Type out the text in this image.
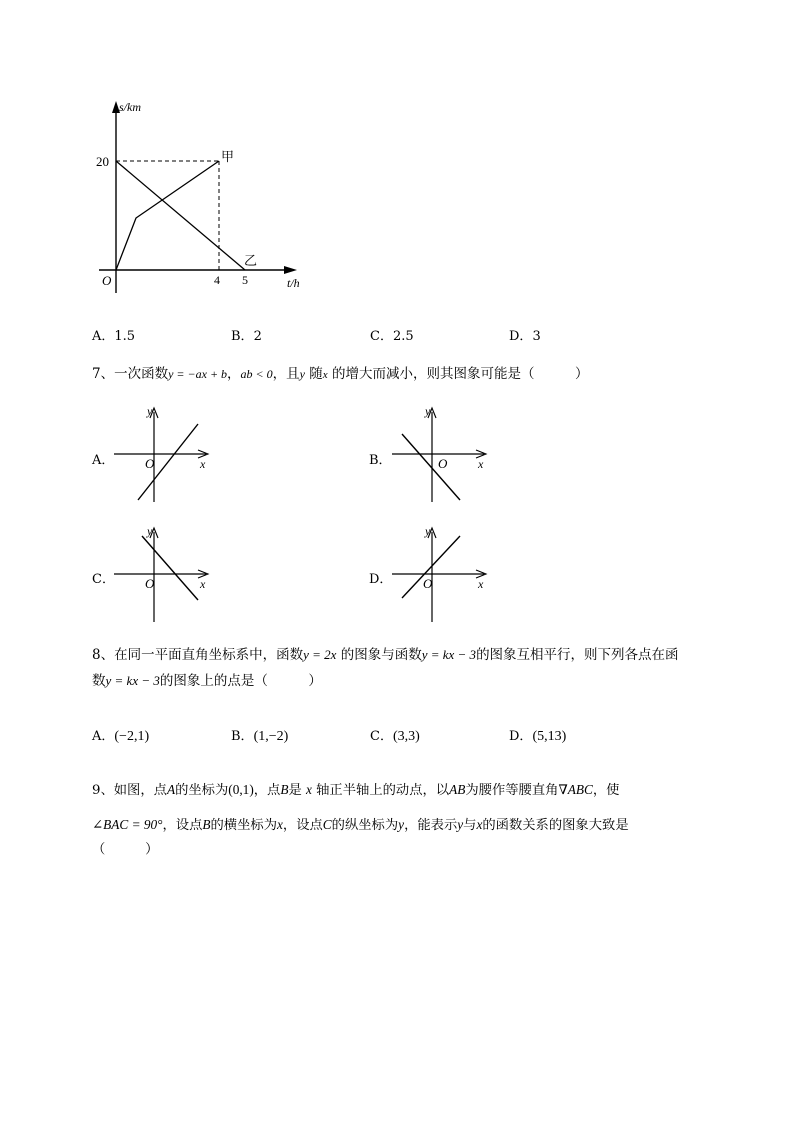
s/km
20
O	4 5	t/h
甲
乙
A．1.5	B．2	C．2.5	D．3
7、一次函数y = −ax + b，ab < 0，且y 随x 的增大而减小，则其图象可能是（　　　）
A．
y
O	x	B．
y
O	x
C．
y
O	x	D．
y
O	x
8、在同一平面直角坐标系中，函数y = 2x 的图象与函数y = kx − 3的图象互相平行，则下列各点在函
数y = kx − 3的图象上的点是（　　　）
A．(−2,1)	B．(1,−2)	C．(3,3)	D．(5,13)
9、如图，点A的坐标为(0,1)，点B是 x 轴正半轴上的动点，以AB为腰作等腰直角∇ABC，使
∠BAC = 90°，设点B的横坐标为x，设点C的纵坐标为y，能表示y与x的函数关系的图象大致是
（　　　）
